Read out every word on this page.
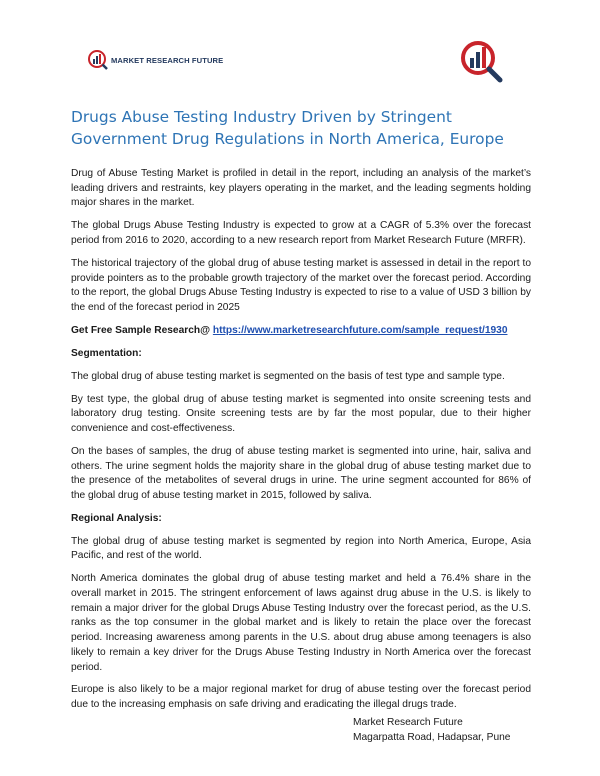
MARKET RESEARCH FUTURE
Drugs Abuse Testing Industry Driven by Stringent Government Drug Regulations in North America, Europe

Drug of Abuse Testing Market is profiled in detail in the report, including an analysis of the market’s leading drivers and restraints, key players operating in the market, and the leading segments holding major shares in the market.

The global Drugs Abuse Testing Industry is expected to grow at a CAGR of 5.3% over the forecast period from 2016 to 2020, according to a new research report from Market Research Future (MRFR).

The historical trajectory of the global drug of abuse testing market is assessed in detail in the report to provide pointers as to the probable growth trajectory of the market over the forecast period. According to the report, the global Drugs Abuse Testing Industry is expected to rise to a value of USD 3 billion by the end of the forecast period in 2025

Get Free Sample Research@ https://www.marketresearchfuture.com/sample_request/1930

Segmentation:

The global drug of abuse testing market is segmented on the basis of test type and sample type.

By test type, the global drug of abuse testing market is segmented into onsite screening tests and laboratory drug testing. Onsite screening tests are by far the most popular, due to their higher convenience and cost-effectiveness.

On the bases of samples, the drug of abuse testing market is segmented into urine, hair, saliva and others. The urine segment holds the majority share in the global drug of abuse testing market due to the presence of the metabolites of several drugs in urine. The urine segment accounted for 86% of the global drug of abuse testing market in 2015, followed by saliva.

Regional Analysis:

The global drug of abuse testing market is segmented by region into North America, Europe, Asia Pacific, and rest of the world.

North America dominates the global drug of abuse testing market and held a 76.4% share in the overall market in 2015. The stringent enforcement of laws against drug abuse in the U.S. is likely to remain a major driver for the global Drugs Abuse Testing Industry over the forecast period, as the U.S. ranks as the top consumer in the global market and is likely to retain the place over the forecast period. Increasing awareness among parents in the U.S. about drug abuse among teenagers is also likely to remain a key driver for the Drugs Abuse Testing Industry in North America over the forecast period.

Europe is also likely to be a major regional market for drug of abuse testing over the forecast period due to the increasing emphasis on safe driving and eradicating the illegal drugs trade.

Market Research Future
Magarpatta Road, Hadapsar, Pune
